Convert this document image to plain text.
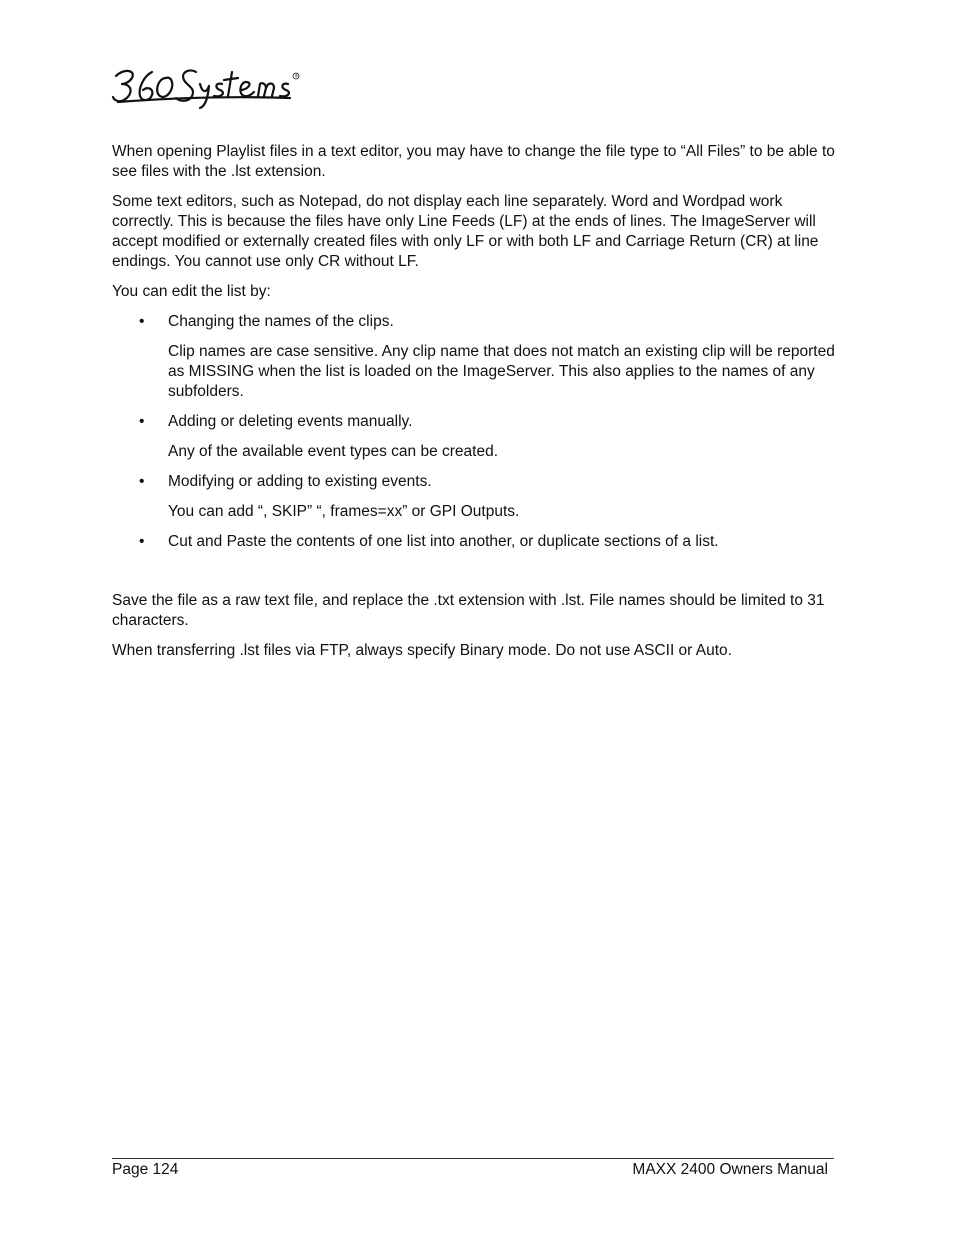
®

When opening Playlist files in a text editor, you may have to change the file type to “All Files” to be able to see files with the .lst extension.

Some text editors, such as Notepad, do not display each line separately. Word and Wordpad work correctly. This is because the files have only Line Feeds (LF) at the ends of lines. The ImageServer will accept modified or externally created files with only LF or with both LF and Carriage Return (CR) at line endings. You cannot use only CR without LF.

You can edit the list by:

• Changing the names of the clips.
Clip names are case sensitive. Any clip name that does not match an existing clip will be reported as MISSING when the list is loaded on the ImageServer. This also applies to the names of any subfolders.
• Adding or deleting events manually.
Any of the available event types can be created.
• Modifying or adding to existing events.
You can add “, SKIP” “, frames=xx” or GPI Outputs.
• Cut and Paste the contents of one list into another, or duplicate sections of a list.

Save the file as a raw text file, and replace the .txt extension with .lst. File names should be limited to 31 characters.

When transferring .lst files via FTP, always specify Binary mode. Do not use ASCII or Auto.

Page 124	MAXX 2400 Owners Manual
